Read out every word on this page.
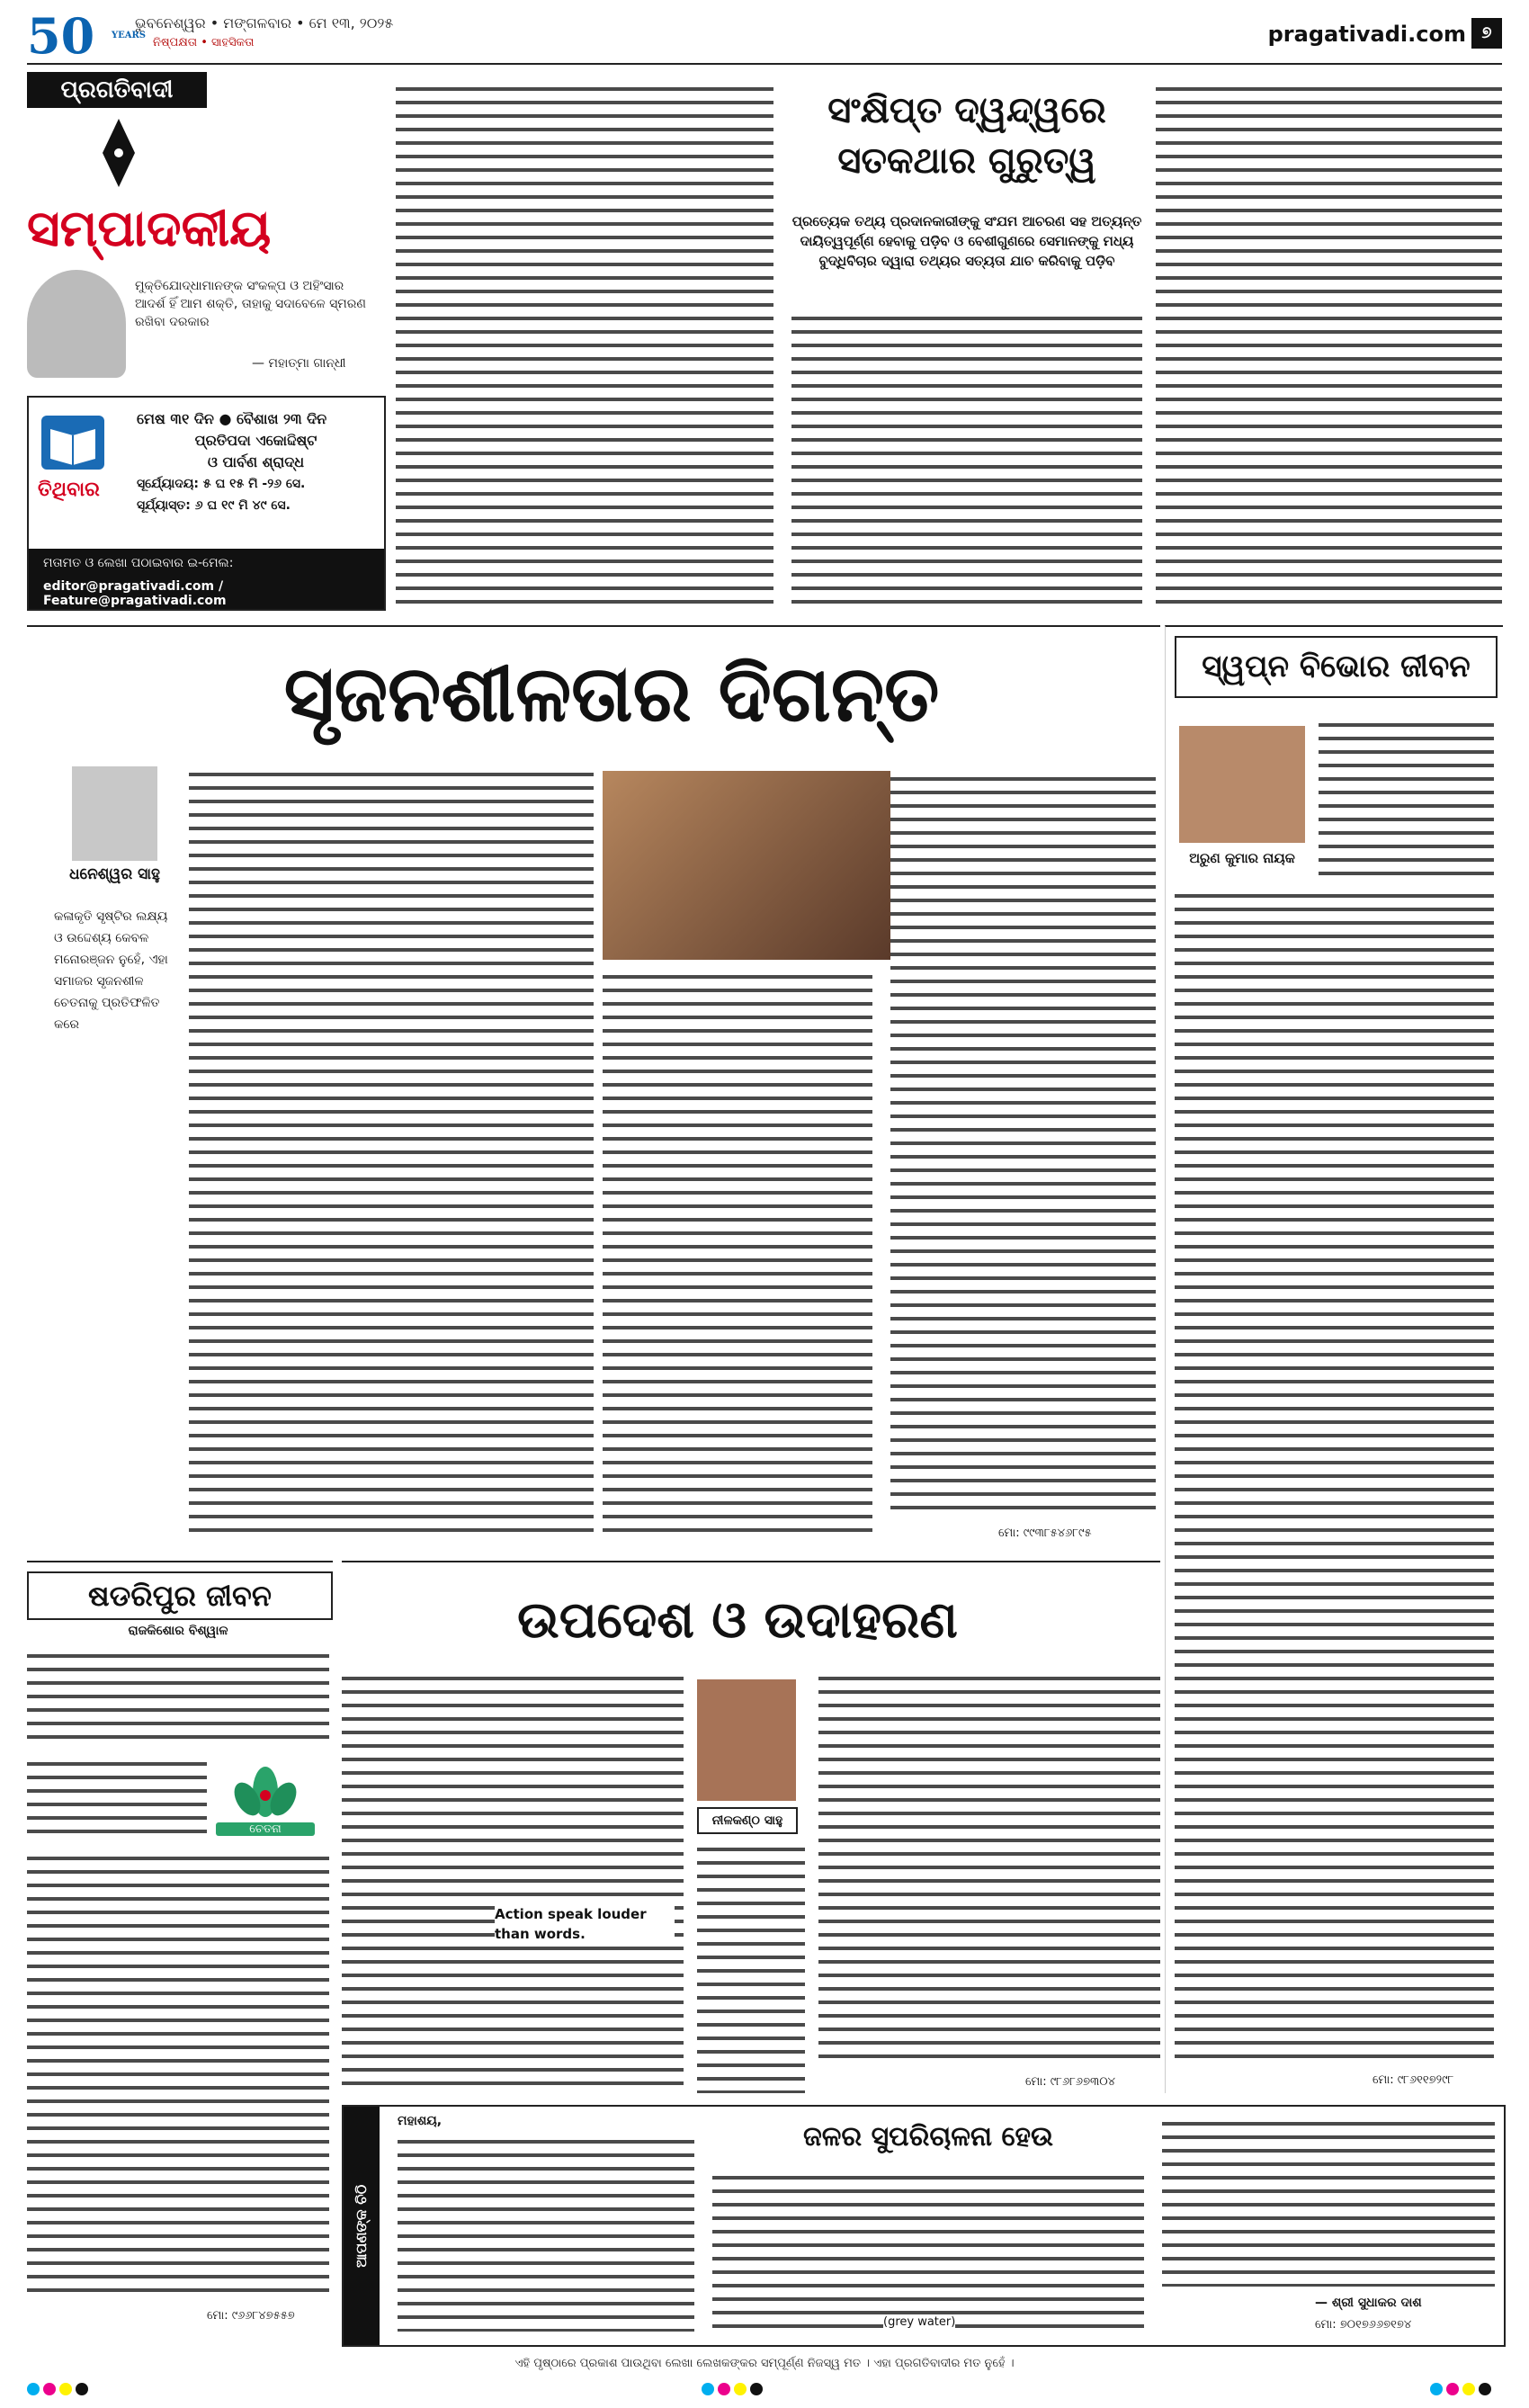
50 YEARS
ଭୁବନେଶ୍ୱର • ମଙ୍ଗଳବାର • ମେ ୧୩, ୨୦୨୫
ନିଷ୍ପକ୍ଷତା • ସାହସିକତା	pragativadi.com ୭
ପୃଷ୍ଠା
ପ୍ରଗତିବାଦୀ
ସମ୍ପାଦକୀୟ
ମୁକ୍ତିଯୋଦ୍ଧାମାନଙ୍କ ସଂକଳ୍ପ ଓ ଅହିଂସାର ଆଦର୍ଶ ହିଁ ଆମ ଶକ୍ତି, ତାହାକୁ ସଦାବେଳେ ସ୍ମରଣ ରଖିବା ଦରକାର
— ମହାତ୍ମା ଗାନ୍ଧୀ
ତିଥିବାର
ମେଷ ୩୧ ଦିନ ● ବୈଶାଖ ୨୩ ଦିନ
ପ୍ରତିପଦା ଏକୋଦ୍ଦିଷ୍ଟ
ଓ ପାର୍ବଣ ଶ୍ରାଦ୍ଧ
ସୂର୍ଯ୍ୟୋଦୟ: ୫ ଘ ୧୫ ମି -୨୬ ସେ.
ସୂର୍ଯ୍ୟାସ୍ତ: ୬ ଘ ୧୯ ମି ୪୯ ସେ.
ମତାମତ ଓ ଲେଖା ପଠାଇବାର ଇ-ମେଲ:
editor@pragativadi.com / Feature@pragativadi.com
ସଂକ୍ଷିପ୍ତ ଦ୍ୱନ୍ଦ୍ୱରେ ସତକଥାର ଗୁରୁତ୍ୱ
ପ୍ରତ୍ୟେକ ତଥ୍ୟ ପ୍ରଦାନକାରୀଙ୍କୁ ସଂଯମ ଆଚରଣ ସହ ଅତ୍ୟନ୍ତ ଦାୟିତ୍ୱପୂର୍ଣ୍ଣ ହେବାକୁ ପଡ଼ିବ ଓ ବେଶୀଗୁଣରେ ସେମାନଙ୍କୁ ମଧ୍ୟ ବୁଦ୍ଧିବିଚାର ଦ୍ୱାରା ତଥ୍ୟର ସତ୍ୟତା ଯାଚ କରିବାକୁ ପଡ଼ିବ
ସୃଜନଶୀଳତାର ଦିଗନ୍ତ
ଧନେଶ୍ୱର ସାହୁ
କଳାକୃତି ସୃଷ୍ଟିର ଲକ୍ଷ୍ୟ ଓ ଉଦ୍ଦେଶ୍ୟ କେବଳ ମନୋରଞ୍ଜନ ନୁହେଁ, ଏହା ସମାଜର ସୃଜନଶୀଳ ଚେତନାକୁ ପ୍ରତିଫଳିତ କରେ
ମୋ: ୯୯୩୮୫୪୬୮୯୫
ସ୍ୱପ୍ନ ବିଭୋର ଜୀବନ
ଅରୁଣ କୁମାର ନାୟକ
ମୋ: ୯୮୬୧୧୭୨୯୮
ଷଡରିପୁର ଜୀବନ
ରାଜକିଶୋର ବିଶ୍ୱାଳ
ଚେତନା
ମୋ: ୯୬୬୮୪୭୫୫୭
ଉପଦେଶ ଓ ଉଦାହରଣ
Action speak louder than words.
ନୀଳକଣ୍ଠ ସାହୁ
ମୋ: ୯୮୬୮୬୭୩୦୪
ଆପଣଙ୍କ ଚିଠି
ମହାଶୟ,	ଜଳର ସୁପରିଚାଳନା ହେଉ
(grey water)
— ଶ୍ରୀ ସୁଧାକର ଦାଶ
ମୋ: ୭୦୧୭୬୬୭୧୭୪
ଏହି ପୃଷ୍ଠାରେ ପ୍ରକାଶ ପାଉଥିବା ଲେଖା ଲେଖକଙ୍କର ସମ୍ପୂର୍ଣ୍ଣ ନିଜସ୍ୱ ମତ । ଏହା ପ୍ରଗତିବାଦୀର ମତ ନୁହେଁ ।
